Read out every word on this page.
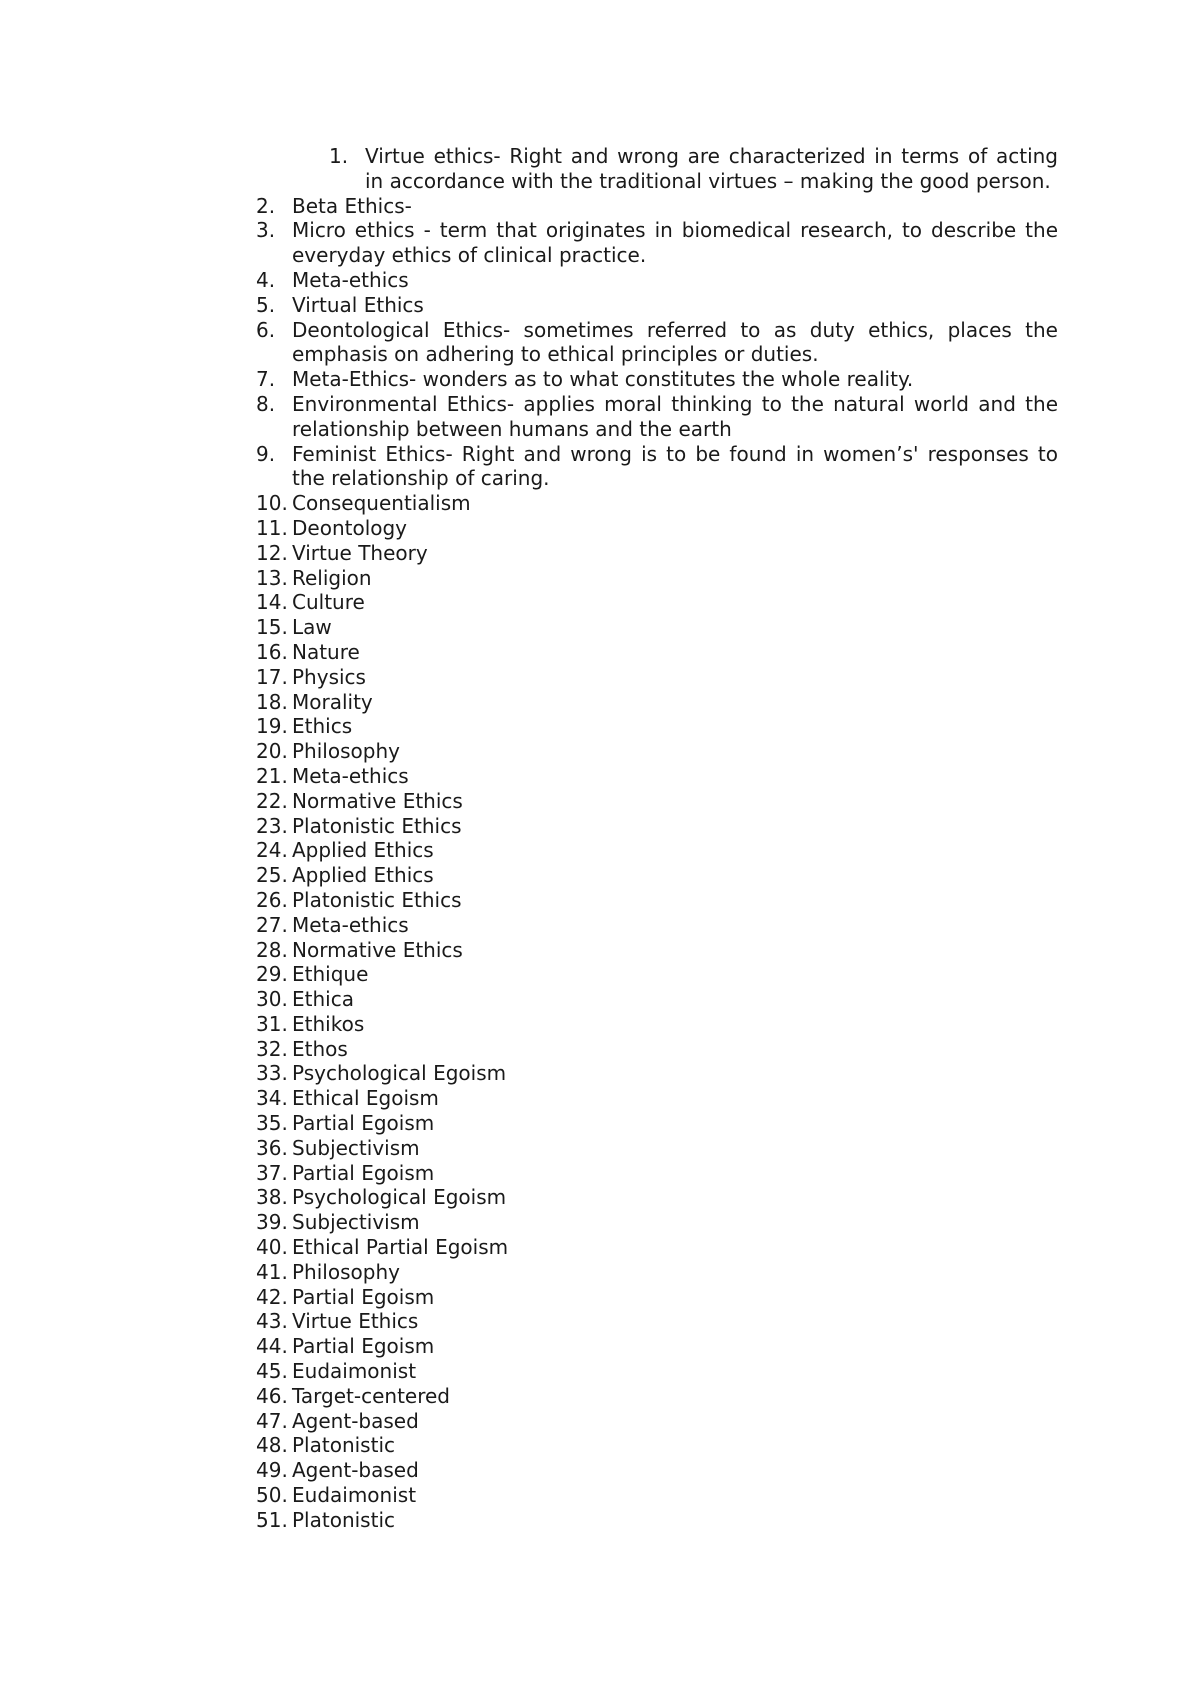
1. Virtue ethics- Right and wrong are characterized in terms of acting in accordance with the traditional virtues – making the good person.
2. Beta Ethics-
3. Micro ethics - term that originates in biomedical research, to describe the everyday ethics of clinical practice.
4. Meta-ethics
5. Virtual Ethics
6. Deontological Ethics- sometimes referred to as duty ethics, places the emphasis on adhering to ethical principles or duties.
7. Meta-Ethics- wonders as to what constitutes the whole reality.
8. Environmental Ethics- applies moral thinking to the natural world and the relationship between humans and the earth
9. Feminist Ethics- Right and wrong is to be found in women’s' responses to the relationship of caring.
10. Consequentialism
11. Deontology
12. Virtue Theory
13. Religion
14. Culture
15. Law
16. Nature
17. Physics
18. Morality
19. Ethics
20. Philosophy
21. Meta-ethics
22. Normative Ethics
23. Platonistic Ethics
24. Applied Ethics
25. Applied Ethics
26. Platonistic Ethics
27. Meta-ethics
28. Normative Ethics
29. Ethique
30. Ethica
31. Ethikos
32. Ethos
33. Psychological Egoism
34. Ethical Egoism
35. Partial Egoism
36. Subjectivism
37. Partial Egoism
38. Psychological Egoism
39. Subjectivism
40. Ethical Partial Egoism
41. Philosophy
42. Partial Egoism
43. Virtue Ethics
44. Partial Egoism
45. Eudaimonist
46. Target-centered
47. Agent-based
48. Platonistic
49. Agent-based
50. Eudaimonist
51. Platonistic
